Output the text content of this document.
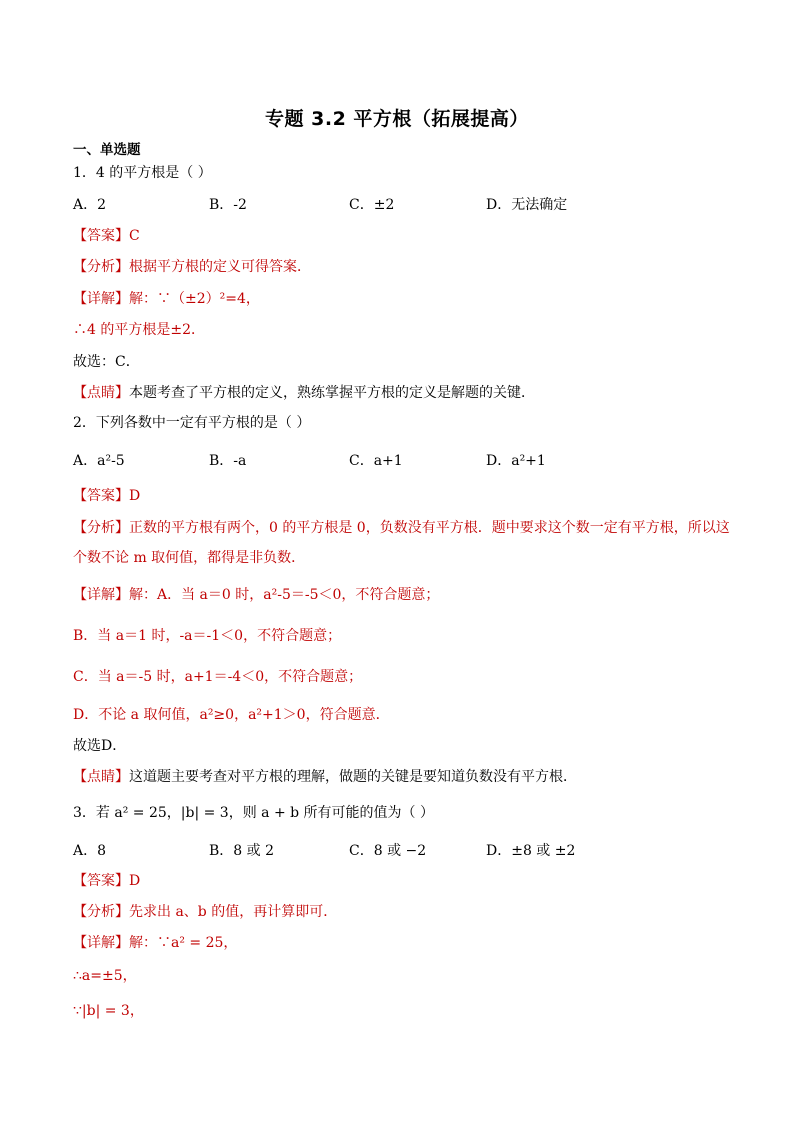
专题 3.2 平方根（拓展提高）
一、单选题
1．4 的平方根是（ ）
A．2	B．-2	C．±2	D．无法确定
【答案】C
【分析】根据平方根的定义可得答案．
【详解】解：∵（±2）²=4，
∴4 的平方根是±2．
故选：C．
【点睛】本题考查了平方根的定义，熟练掌握平方根的定义是解题的关键．
2．下列各数中一定有平方根的是（ ）
A．a²-5	B．-a	C．a+1	D．a²+1
【答案】D
【分析】正数的平方根有两个，0 的平方根是 0，负数没有平方根．题中要求这个数一定有平方根，所以这
个数不论 m 取何值，都得是非负数．
【详解】解：A．当 a＝0 时，a²-5＝-5＜0，不符合题意；
B．当 a＝1 时，-a＝-1＜0，不符合题意；
C．当 a＝-5 时，a+1＝-4＜0，不符合题意；
D．不论 a 取何值，a²≥0，a²+1＞0，符合题意．
故选D．
【点睛】这道题主要考查对平方根的理解，做题的关键是要知道负数没有平方根．
3．若 a² = 25，|b| = 3，则 a + b 所有可能的值为（ ）
A．8	B．8 或 2	C．8 或 −2	D．±8 或 ±2
【答案】D
【分析】先求出 a、b 的值，再计算即可．
【详解】解：∵a² = 25，
∴a=±5，
∵|b| = 3，
